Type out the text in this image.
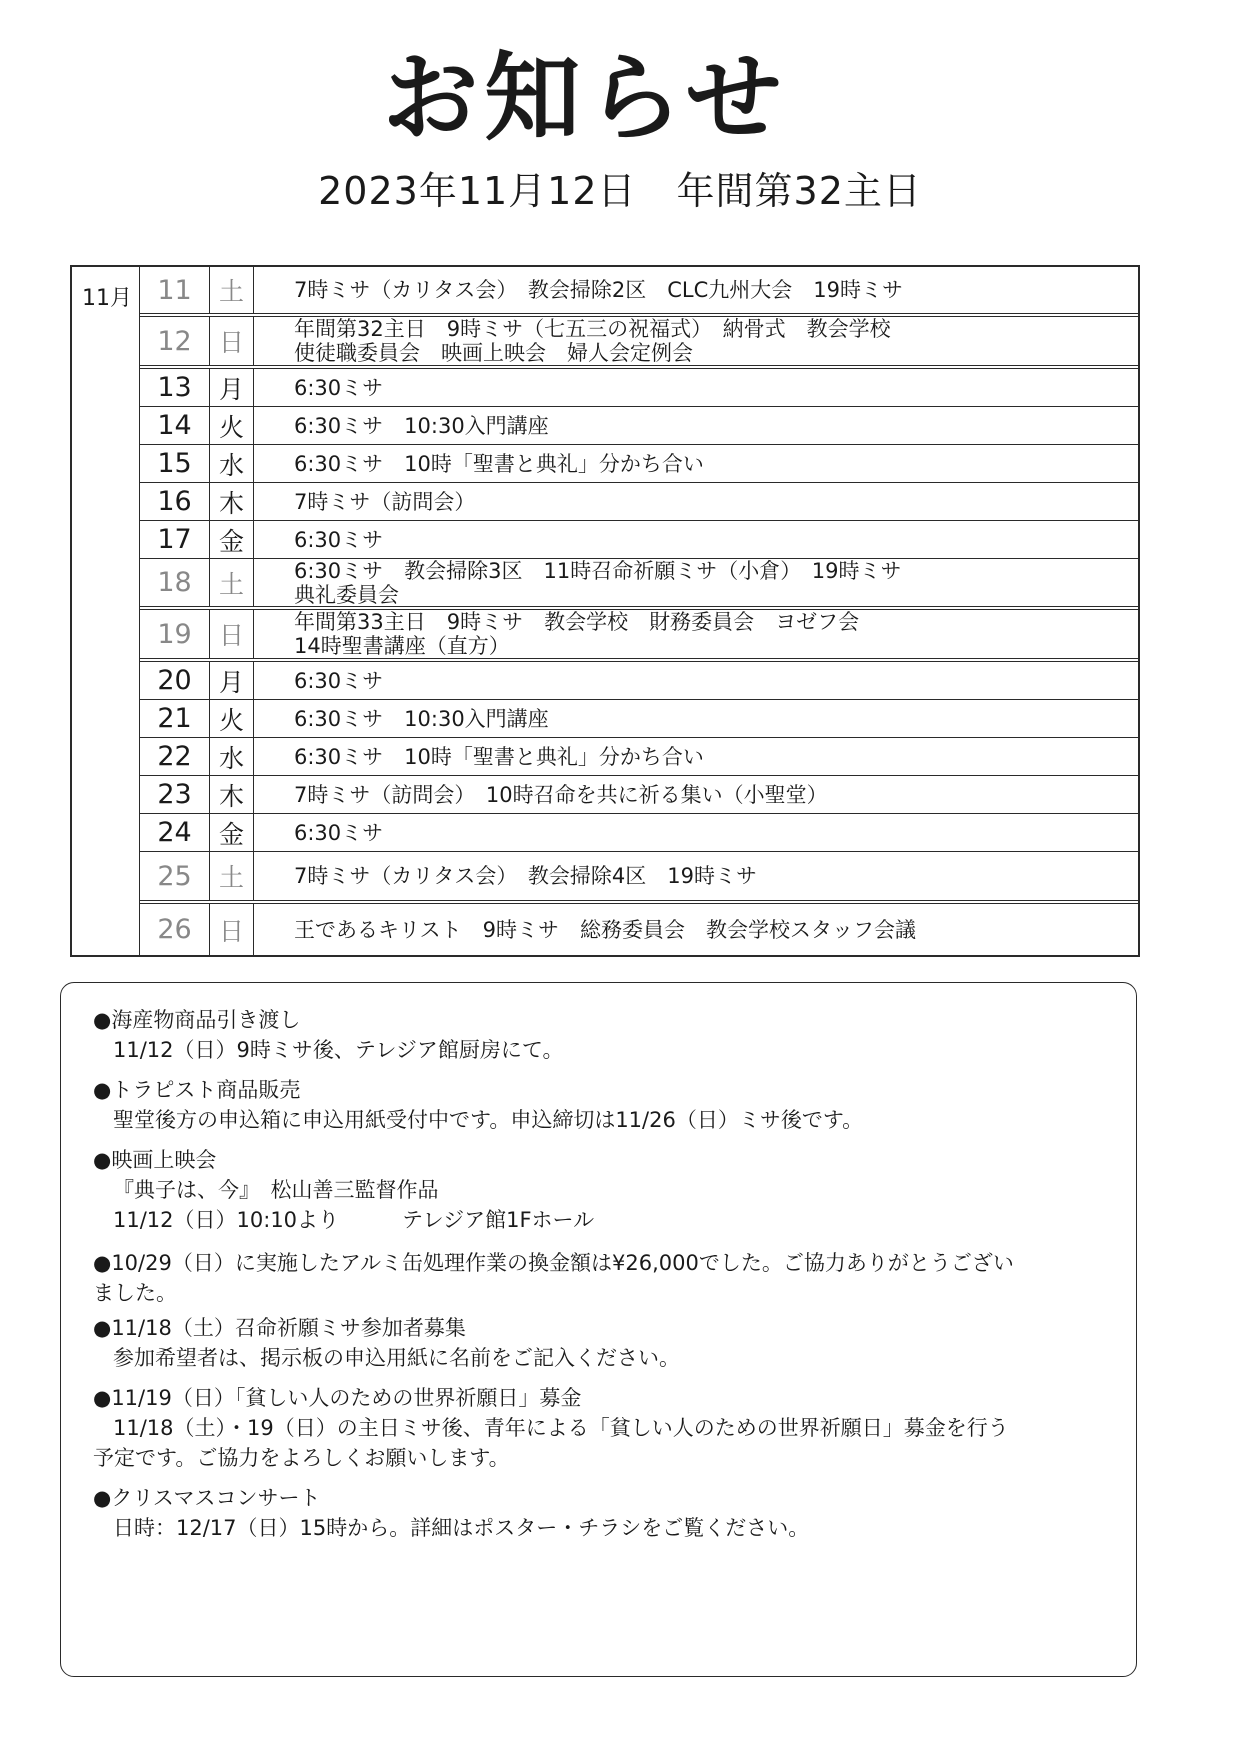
お知らせ
2023年11月12日 年間第32主日
11月 11	土	7時ミサ（カリタス会）　教会掃除2区　CLC九州大会　19時ミサ
12	日	年間第32主日　9時ミサ（七五三の祝福式）　納骨式　教会学校
使徒職委員会　映画上映会　婦人会定例会
13	月	6:30ミサ
14	火	6:30ミサ　10:30入門講座
15	水	6:30ミサ　10時「聖書と典礼」分かち合い
16	木	7時ミサ（訪問会）
17	金	6:30ミサ
18	土	6:30ミサ　教会掃除3区　11時召命祈願ミサ（小倉）　19時ミサ
典礼委員会
19	日	年間第33主日　9時ミサ　教会学校　財務委員会　ヨゼフ会
14時聖書講座（直方）
20	月	6:30ミサ
21	火	6:30ミサ　10:30入門講座
22	水	6:30ミサ　10時「聖書と典礼」分かち合い
23	木	7時ミサ（訪問会）　10時召命を共に祈る集い（小聖堂）
24	金	6:30ミサ
25	土	7時ミサ（カリタス会）　教会掃除4区　19時ミサ
26	日	王であるキリスト　9時ミサ　総務委員会　教会学校スタッフ会議
●海産物商品引き渡し
11/12（日）9時ミサ後、テレジア館厨房にて。
●トラピスト商品販売
聖堂後方の申込箱に申込用紙受付中です。申込締切は11/26（日）ミサ後です。
●映画上映会
『典子は、今』　松山善三監督作品
11/12（日）10:10より　　　テレジア館1Fホール
●10/29（日）に実施したアルミ缶処理作業の換金額は¥26,000でした。ご協力ありがとうござい
ました。
●11/18（土）召命祈願ミサ参加者募集
参加希望者は、掲示板の申込用紙に名前をご記入ください。
●11/19（日）「貧しい人のための世界祈願日」募金
11/18（土）・19（日）の主日ミサ後、青年による「貧しい人のための世界祈願日」募金を行う
予定です。ご協力をよろしくお願いします。
●クリスマスコンサート
日時：12/17（日）15時から。詳細はポスター・チラシをご覧ください。
